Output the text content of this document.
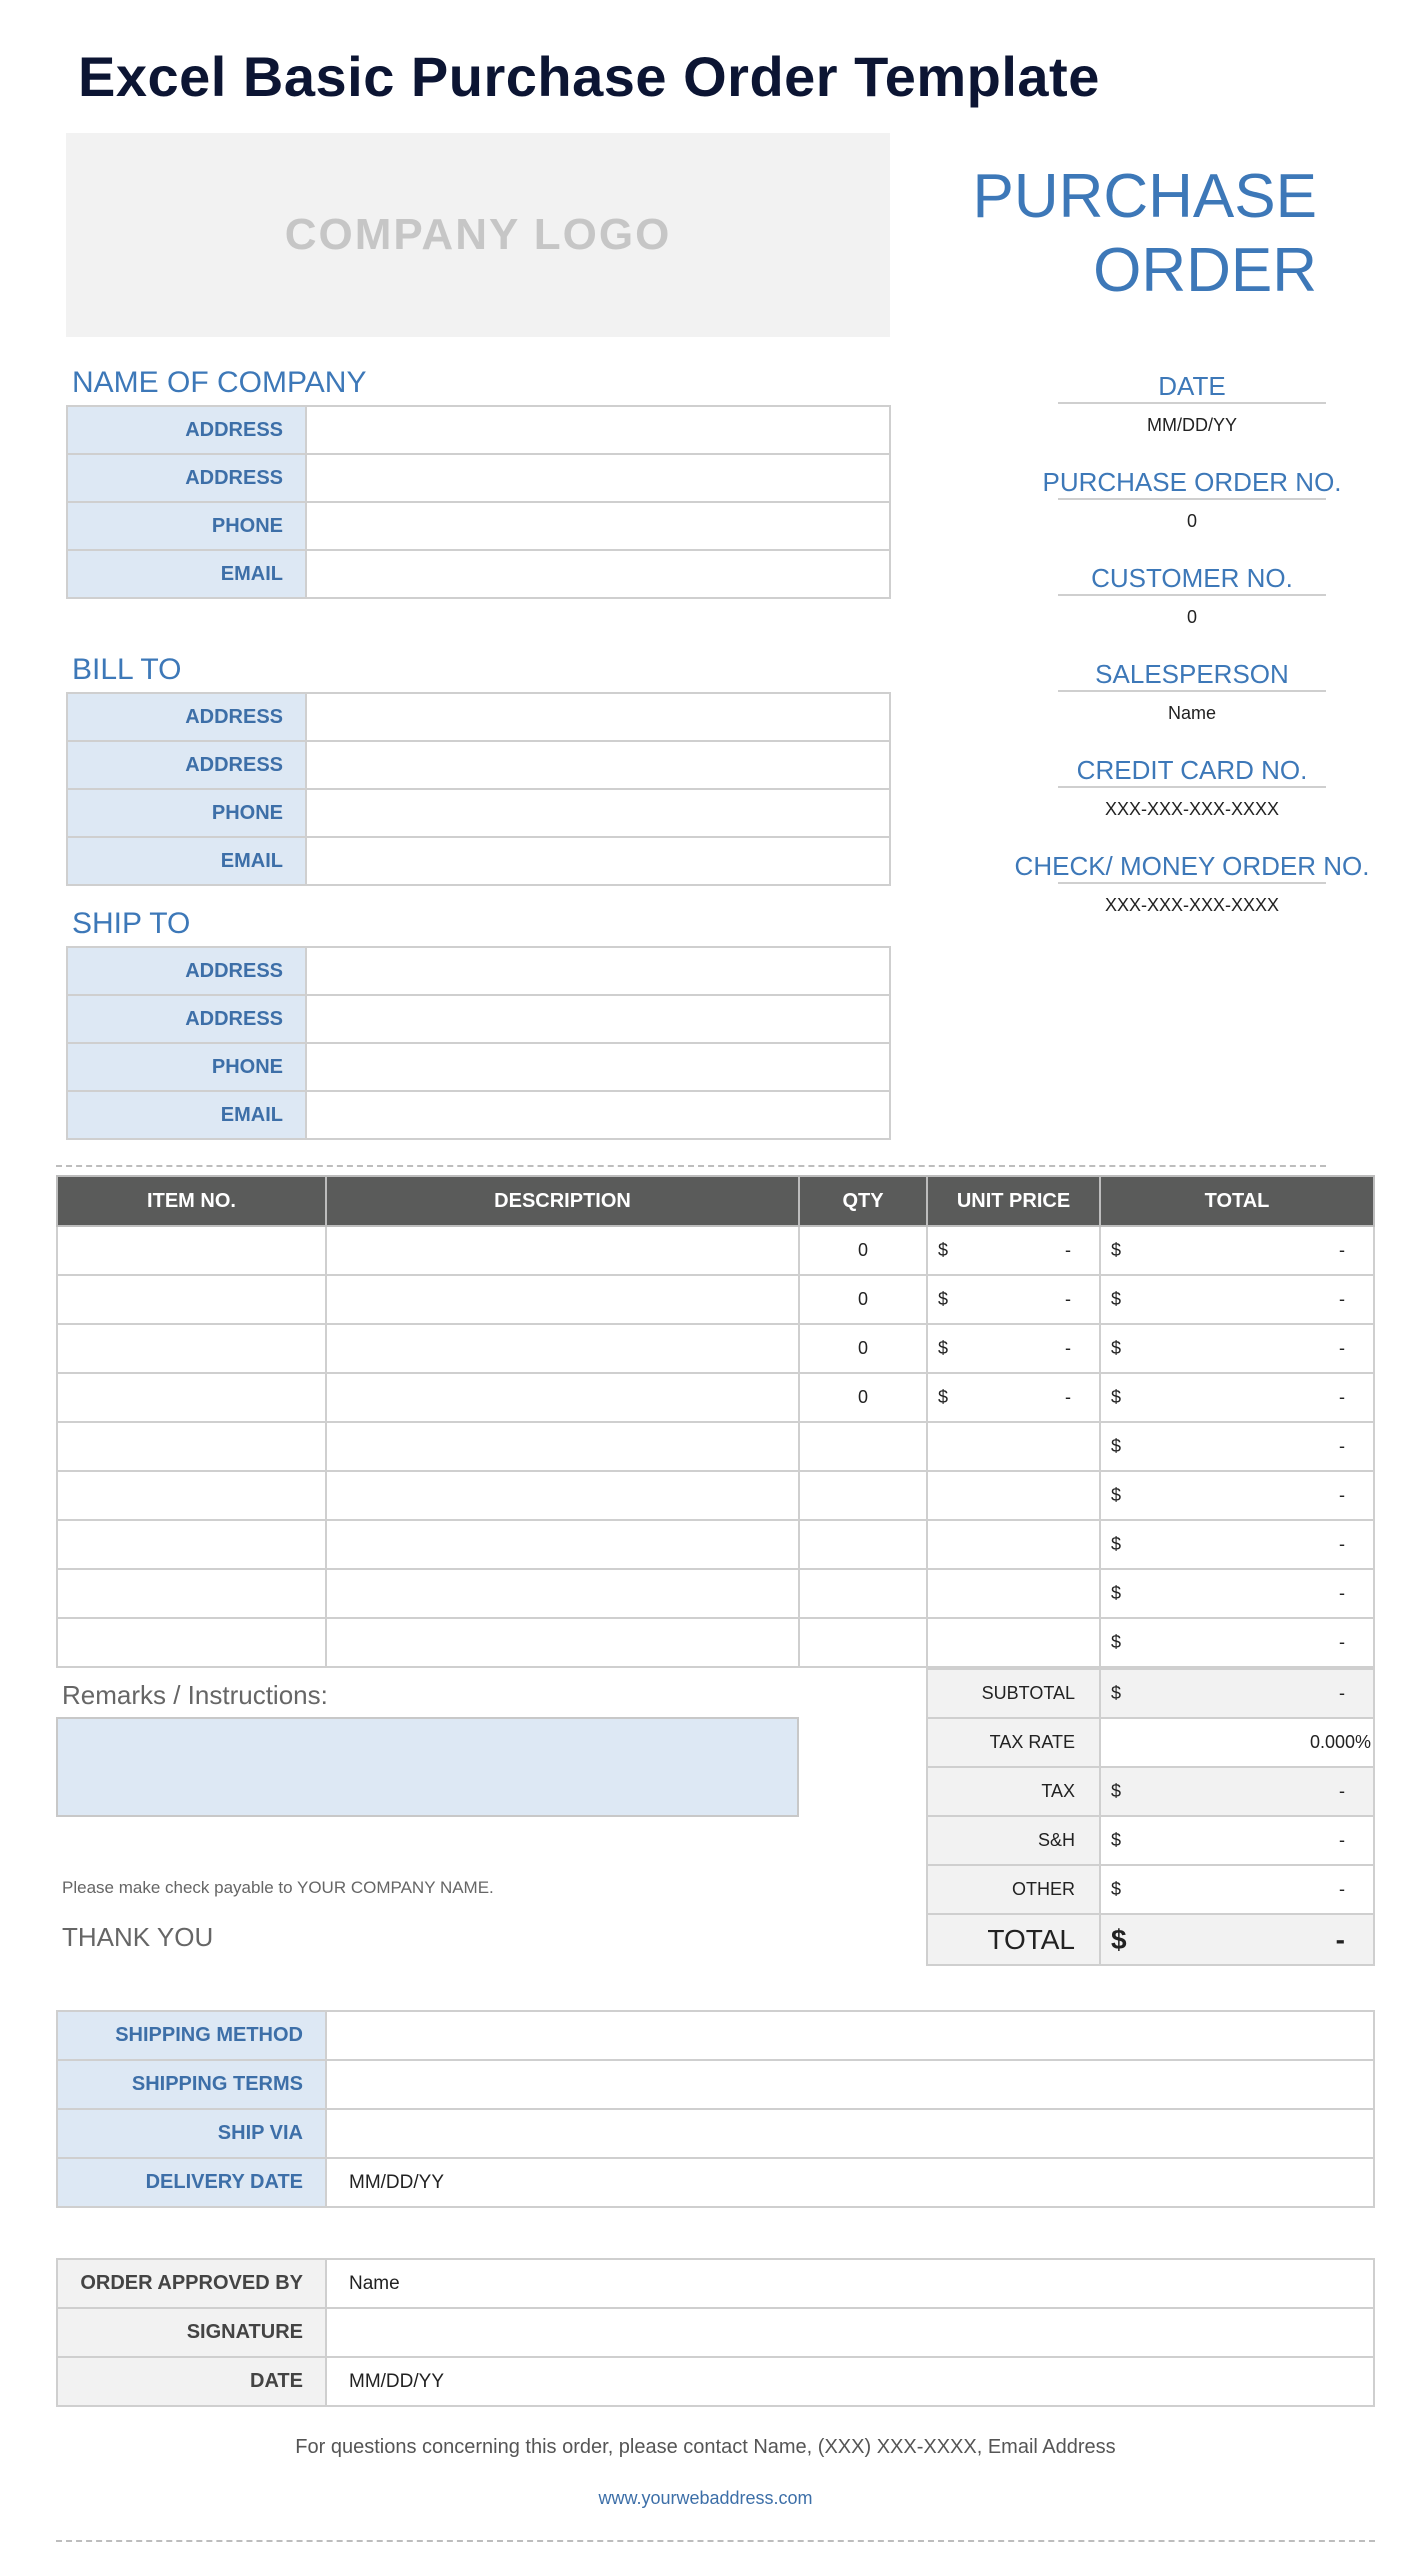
Excel Basic Purchase Order Template
COMPANY LOGO
PURCHASE
ORDER
NAME OF COMPANY
ADDRESS	
ADDRESS	
PHONE	
EMAIL	
BILL TO
ADDRESS	
ADDRESS	
PHONE	
EMAIL	
SHIP TO
ADDRESS	
ADDRESS	
PHONE	
EMAIL	
DATE
MM/DD/YY
PURCHASE ORDER NO.
0
CUSTOMER NO.
0
SALESPERSON
Name
CREDIT CARD NO.
XXX-XXX-XXX-XXXX
CHECK/ MONEY ORDER NO.
XXX-XXX-XXX-XXXX
ITEM NO.	DESCRIPTION	QTY	UNIT PRICE	TOTAL
		0	$ -	$ -

		0	$ -	$ -

		0	$ -	$ -

		0	$ -	$ -

				$ -

				$ -

				$ -

				$ -

				$ -
Remarks / Instructions:
Please make check payable to YOUR COMPANY NAME.
THANK YOU
SUBTOTAL	$ -

TAX RATE	0.000%
TAX	$ -

S&H	$ -

OTHER	$ -

TOTAL	$ -
SHIPPING METHOD	
SHIPPING TERMS	
SHIP VIA	
DELIVERY DATE	MM/DD/YY
ORDER APPROVED BY	Name
SIGNATURE	
DATE	MM/DD/YY
For questions concerning this order, please contact Name, (XXX) XXX-XXXX, Email Address
www.yourwebaddress.com
